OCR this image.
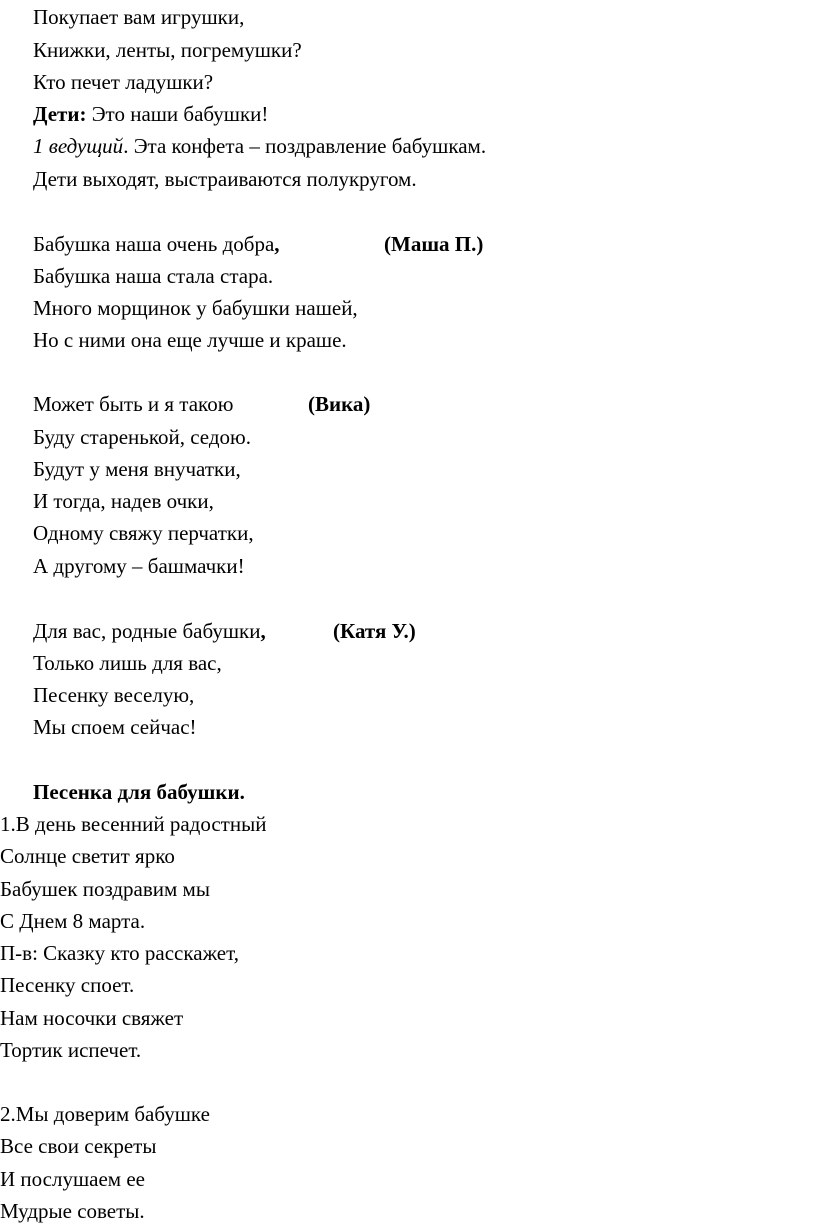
Покупает вам игрушки,
Книжки, ленты, погремушки?
Кто печет ладушки?
Дети: Это наши бабушки!
1 ведущий. Эта конфета – поздравление бабушкам.
Дети выходят, выстраиваются полукругом.
Бабушка наша очень добра,	(Маша П.)
Бабушка наша стала стара.
Много морщинок у бабушки нашей,
Но с ними она еще лучше и краше.
Может быть и я такою	(Вика)
Буду старенькой, седою.
Будут у меня внучатки,
И тогда, надев очки,
Одному свяжу перчатки,
А другому – башмачки!
Для вас, родные бабушки,	(Катя У.)
Только лишь для вас,
Песенку веселую,
Мы споем сейчас!
Песенка для бабушки.
1.В день весенний радостный
Солнце светит ярко
Бабушек поздравим мы
С Днем 8 марта.
П-в: Сказку кто расскажет,
Песенку споет.
Нам носочки свяжет
Тортик испечет.
2.Мы доверим бабушке
Все свои секреты
И послушаем ее
Мудрые советы.
